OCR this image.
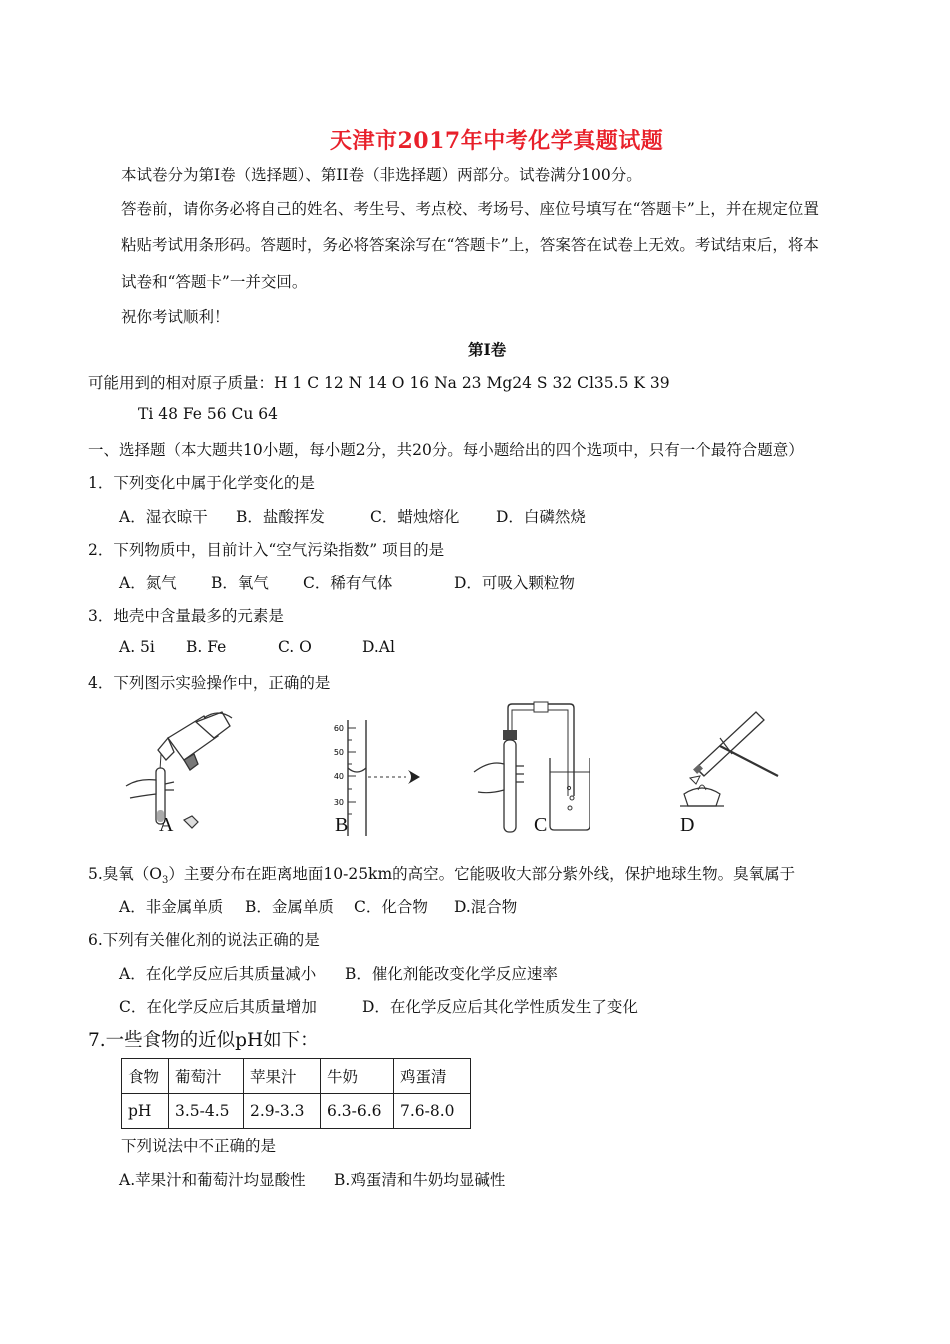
天津市2017年中考化学真题试题
本试卷分为第Ⅰ卷（选择题）、第II卷（非选择题）两部分。试卷满分100分。
答卷前，请你务必将自己的姓名、考生号、考点校、考场号、座位号填写在“答题卡”上，并在规定位置
粘贴考试用条形码。答题时，务必将答案涂写在“答题卡”上，答案答在试卷上无效。考试结束后，将本
试卷和“答题卡”一并交回。
祝你考试顺利！
第Ⅰ卷
可能用到的相对原子质量：H 1 C 12 N 14 O 16 Na 23 Mg24 S 32 Cl35.5 K 39
Ti 48 Fe 56 Cu 64
一、选择题（本大题共10小题，每小题2分，共20分。每小题给出的四个选项中，只有一个最符合题意）
1．下列变化中属于化学变化的是
A．湿衣晾干 B．盐酸挥发	C．蜡烛熔化 D．白磷然烧
2．下列物质中，目前计入“空气污染指数” 项目的是
A．氮气 B．氧气 C．稀有气体	D．可吸入颗粒物
3．地壳中含量最多的元素是
A. 5i B. Fe	C. O	D.Al
4．下列图示实验操作中，正确的是
A
60
50
40
30
B	C	D
5.臭氧$(O_3)$主要分布在距离地面10-25km的高空。它能吸收大部分紫外线，保护地球生物。臭氧属于
A．非金属单质 B．金属单质 C．化合物 D.混合物
6.下列有关催化剂的说法正确的是
A．在化学反应后其质量减小 B．催化剂能改变化学反应速率
C．在化学反应后其质量增加	D．在化学反应后其化学性质发生了变化
7.一些食物的近似pH如下：
食物	葡萄汁	苹果汁	牛奶	鸡蛋清
pH	3.5-4.5	2.9-3.3	6.3-6.6	7.6-8.0
下列说法中不正确的是
A.苹果汁和葡萄汁均显酸性 B.鸡蛋清和牛奶均显碱性
